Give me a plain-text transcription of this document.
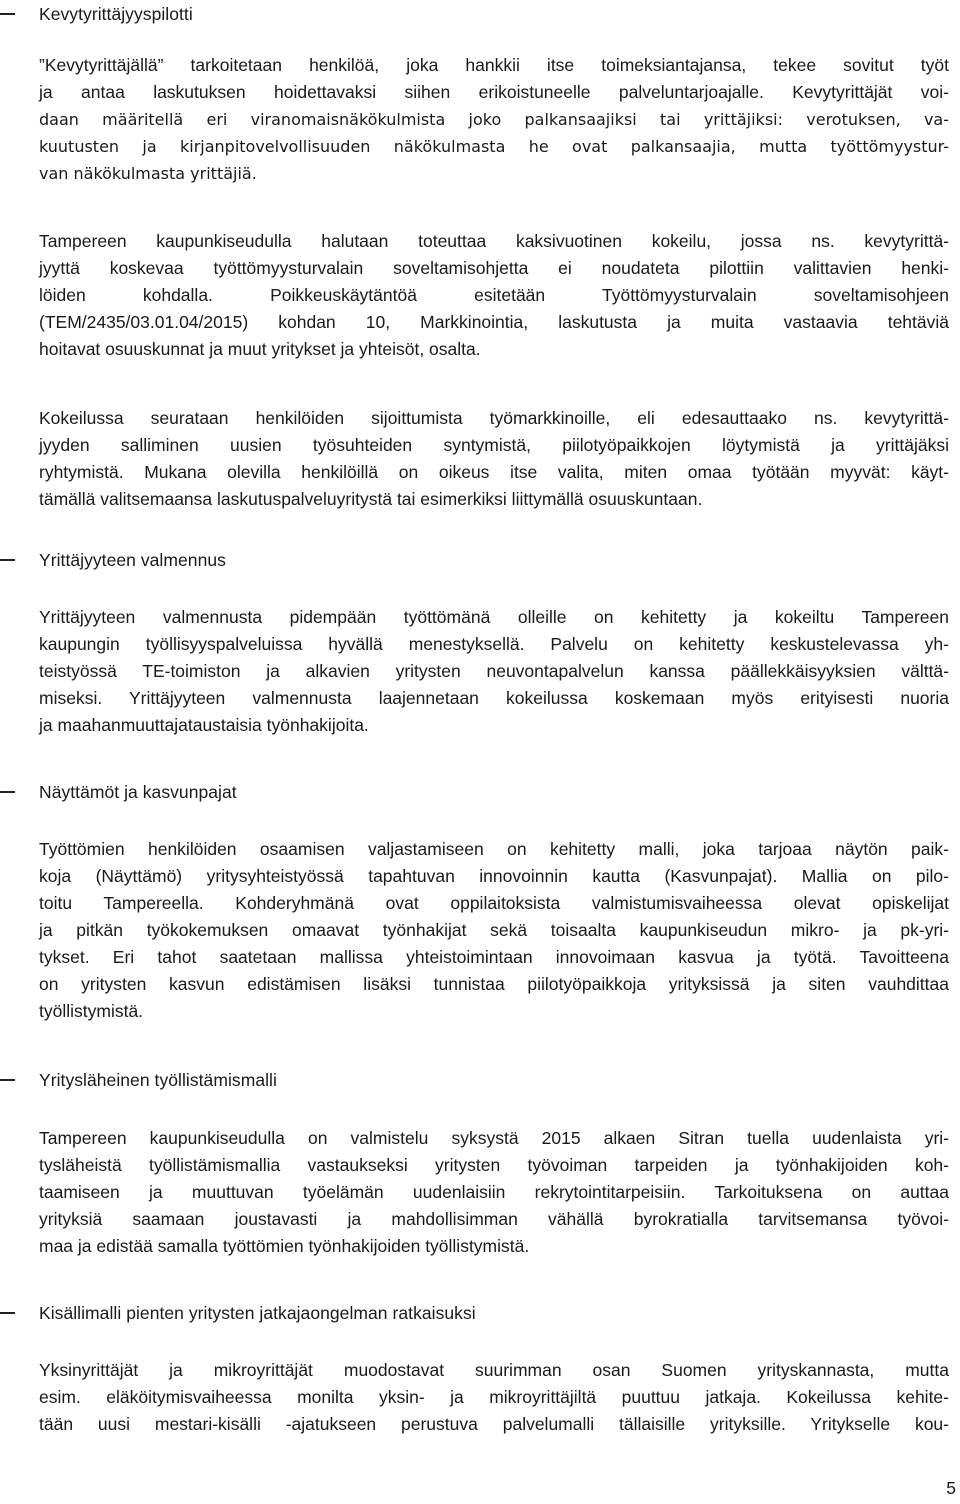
Kevytyrittäjyyspilotti
”Kevytyrittäjällä” tarkoitetaan henkilöä, joka hankkii itse toimeksiantajansa, tekee sovitut työt
ja antaa laskutuksen hoidettavaksi siihen erikoistuneelle palveluntarjoajalle. Kevytyrittäjät voi-
daan määritellä eri viranomaisnäkökulmista joko palkansaajiksi tai yrittäjiksi: verotuksen, va-
kuutusten ja kirjanpitovelvollisuuden näkökulmasta he ovat palkansaajia, mutta työttömyystur-
van näkökulmasta yrittäjiä.
Tampereen kaupunkiseudulla halutaan toteuttaa kaksivuotinen kokeilu, jossa ns. kevytyrittä-
jyyttä koskevaa työttömyysturvalain soveltamisohjetta ei noudateta pilottiin valittavien henki-
löiden kohdalla. Poikkeuskäytäntöä esitetään Työttömyysturvalain soveltamisohjeen
(TEM/2435/03.01.04/2015) kohdan 10, Markkinointia, laskutusta ja muita vastaavia tehtäviä
hoitavat osuuskunnat ja muut yritykset ja yhteisöt, osalta.
Kokeilussa seurataan henkilöiden sijoittumista työmarkkinoille, eli edesauttaako ns. kevytyrittä-
jyyden salliminen uusien työsuhteiden syntymistä, piilotyöpaikkojen löytymistä ja yrittäjäksi
ryhtymistä. Mukana olevilla henkilöillä on oikeus itse valita, miten omaa työtään myyvät: käyt-
tämällä valitsemaansa laskutuspalveluyritystä tai esimerkiksi liittymällä osuuskuntaan.
Yrittäjyyteen valmennus
Yrittäjyyteen valmennusta pidempään työttömänä olleille on kehitetty ja kokeiltu Tampereen
kaupungin työllisyyspalveluissa hyvällä menestyksellä. Palvelu on kehitetty keskustelevassa yh-
teistyössä TE-toimiston ja alkavien yritysten neuvontapalvelun kanssa päällekkäisyyksien välttä-
miseksi. Yrittäjyyteen valmennusta laajennetaan kokeilussa koskemaan myös erityisesti nuoria
ja maahanmuuttajataustaisia työnhakijoita.
Näyttämöt ja kasvunpajat
Työttömien henkilöiden osaamisen valjastamiseen on kehitetty malli, joka tarjoaa näytön paik-
koja (Näyttämö) yritysyhteistyössä tapahtuvan innovoinnin kautta (Kasvunpajat). Mallia on pilo-
toitu Tampereella. Kohderyhmänä ovat oppilaitoksista valmistumisvaiheessa olevat opiskelijat
ja pitkän työkokemuksen omaavat työnhakijat sekä toisaalta kaupunkiseudun mikro- ja pk-yri-
tykset. Eri tahot saatetaan mallissa yhteistoimintaan innovoimaan kasvua ja työtä. Tavoitteena
on yritysten kasvun edistämisen lisäksi tunnistaa piilotyöpaikkoja yrityksissä ja siten vauhdittaa
työllistymistä.
Yritysläheinen työllistämismalli
Tampereen kaupunkiseudulla on valmistelu syksystä 2015 alkaen Sitran tuella uudenlaista yri-
tysläheistä työllistämismallia vastaukseksi yritysten työvoiman tarpeiden ja työnhakijoiden koh-
taamiseen ja muuttuvan työelämän uudenlaisiin rekrytointitarpeisiin. Tarkoituksena on auttaa
yrityksiä saamaan joustavasti ja mahdollisimman vähällä byrokratialla tarvitsemansa työvoi-
maa ja edistää samalla työttömien työnhakijoiden työllistymistä.
Kisällimalli pienten yritysten jatkajaongelman ratkaisuksi
Yksinyrittäjät ja mikroyrittäjät muodostavat suurimman osan Suomen yrityskannasta, mutta
esim. eläköitymisvaiheessa monilta yksin- ja mikroyrittäjiltä puuttuu jatkaja. Kokeilussa kehite-
tään uusi mestari-kisälli -ajatukseen perustuva palvelumalli tällaisille yrityksille. Yritykselle kou-
5
